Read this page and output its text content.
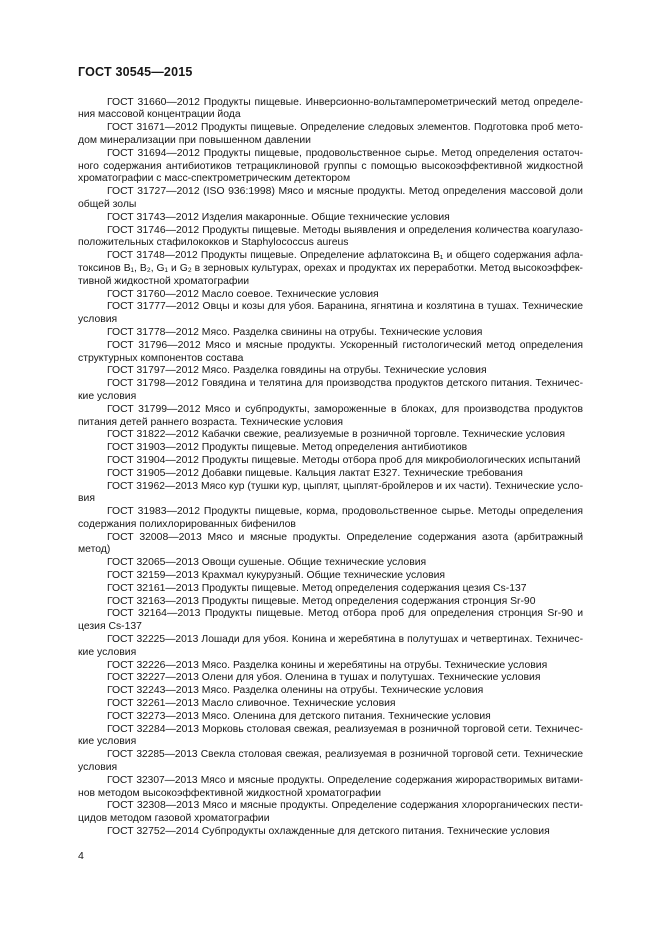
ГОСТ 30545—2015
ГОСТ 31660—2012 Продукты пищевые. Инверсионно-вольтамперометрический метод определе-
ния массовой концентрации йода
ГОСТ 31671—2012 Продукты пищевые. Определение следовых элементов. Подготовка проб мето-
дом минерализации при повышенном давлении
ГОСТ 31694—2012 Продукты пищевые, продовольственное сырье. Метод определения остаточ-
ного содержания антибиотиков тетрациклиновой группы с помощью высокоэффективной жидкостной
хроматографии с масс-спектрометрическим детектором
ГОСТ 31727—2012 (ISO 936:1998) Мясо и мясные продукты. Метод определения массовой доли
общей золы
ГОСТ 31743—2012 Изделия макаронные. Общие технические условия
ГОСТ 31746—2012 Продукты пищевые. Методы выявления и определения количества коагулазо-
положительных стафилококков и Staphylococcus aureus
ГОСТ 31748—2012 Продукты пищевые. Определение афлатоксина B₁ и общего содержания афла-
токсинов B₁, B₂, G₁ и G₂ в зерновых культурах, орехах и продуктах их переработки. Метод высокоэффек-
тивной жидкостной хроматографии
ГОСТ 31760—2012 Масло соевое. Технические условия
ГОСТ 31777—2012 Овцы и козы для убоя. Баранина, ягнятина и козлятина в тушах. Технические
условия
ГОСТ 31778—2012 Мясо. Разделка свинины на отрубы. Технические условия
ГОСТ 31796—2012 Мясо и мясные продукты. Ускоренный гистологический метод определения
структурных компонентов состава
ГОСТ 31797—2012 Мясо. Разделка говядины на отрубы. Технические условия
ГОСТ 31798—2012 Говядина и телятина для производства продуктов детского питания. Техничес-
кие условия
ГОСТ 31799—2012 Мясо и субпродукты, замороженные в блоках, для производства продуктов
питания детей раннего возраста. Технические условия
ГОСТ 31822—2012 Кабачки свежие, реализуемые в розничной торговле. Технические условия
ГОСТ 31903—2012 Продукты пищевые. Метод определения антибиотиков
ГОСТ 31904—2012 Продукты пищевые. Методы отбора проб для микробиологических испытаний
ГОСТ 31905—2012 Добавки пищевые. Кальция лактат Е327. Технические требования
ГОСТ 31962—2013 Мясо кур (тушки кур, цыплят, цыплят-бройлеров и их части). Технические усло-
вия
ГОСТ 31983—2012 Продукты пищевые, корма, продовольственное сырье. Методы определения
содержания полихлорированных бифенилов
ГОСТ 32008—2013 Мясо и мясные продукты. Определение содержания азота (арбитражный
метод)
ГОСТ 32065—2013 Овощи сушеные. Общие технические условия
ГОСТ 32159—2013 Крахмал кукурузный. Общие технические условия
ГОСТ 32161—2013 Продукты пищевые. Метод определения содержания цезия Cs-137
ГОСТ 32163—2013 Продукты пищевые. Метод определения содержания стронция Sr-90
ГОСТ 32164—2013 Продукты пищевые. Метод отбора проб для определения стронция Sr-90 и
цезия Cs-137
ГОСТ 32225—2013 Лошади для убоя. Конина и жеребятина в полутушах и четвертинах. Техничес-
кие условия
ГОСТ 32226—2013 Мясо. Разделка конины и жеребятины на отрубы. Технические условия
ГОСТ 32227—2013 Олени для убоя. Оленина в тушах и полутушах. Технические условия
ГОСТ 32243—2013 Мясо. Разделка оленины на отрубы. Технические условия
ГОСТ 32261—2013 Масло сливочное. Технические условия
ГОСТ 32273—2013 Мясо. Оленина для детского питания. Технические условия
ГОСТ 32284—2013 Морковь столовая свежая, реализуемая в розничной торговой сети. Техничес-
кие условия
ГОСТ 32285—2013 Свекла столовая свежая, реализуемая в розничной торговой сети. Технические
условия
ГОСТ 32307—2013 Мясо и мясные продукты. Определение содержания жирорастворимых витами-
нов методом высокоэффективной жидкостной хроматографии
ГОСТ 32308—2013 Мясо и мясные продукты. Определение содержания хлорорганических пести-
цидов методом газовой хроматографии
ГОСТ 32752—2014 Субпродукты охлажденные для детского питания. Технические условия
4
